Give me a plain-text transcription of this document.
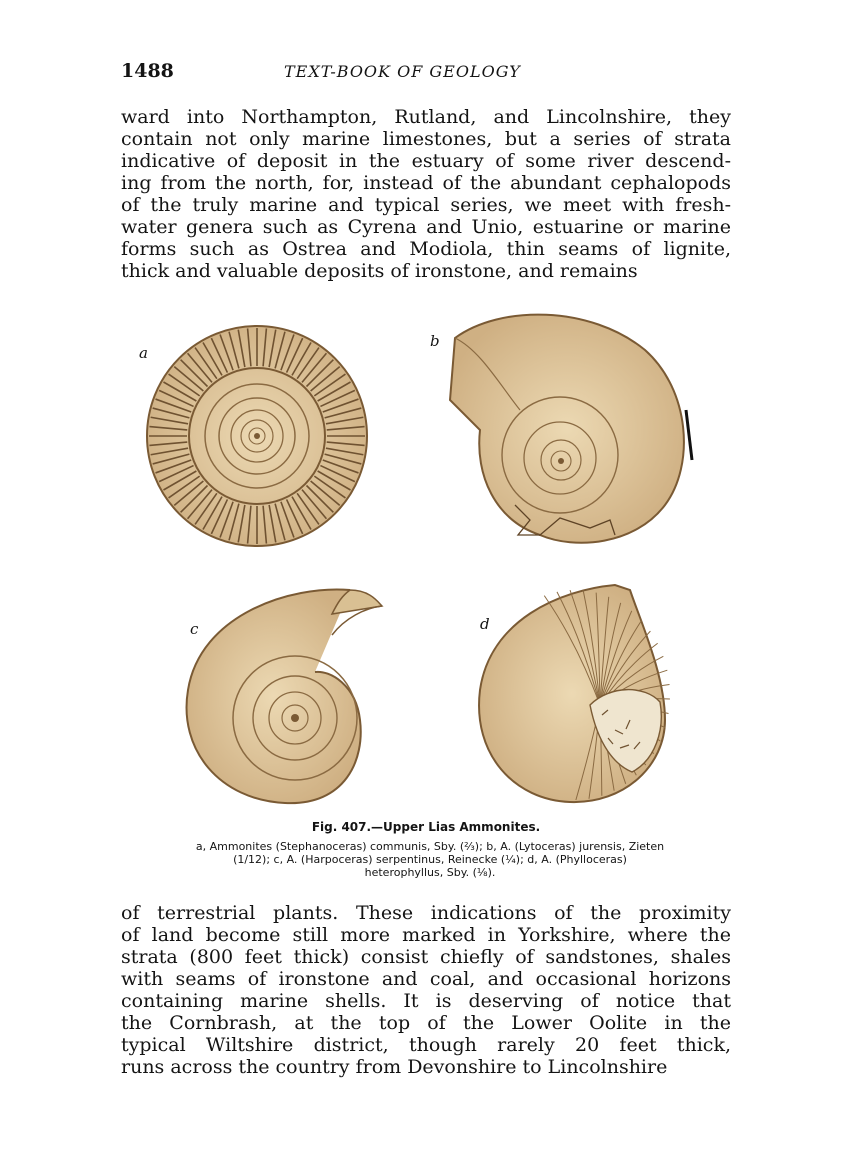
1488	TEXT-BOOK OF GEOLOGY
ward into Northampton, Rutland, and Lincolnshire, they
contain not only marine limestones, but a series of strata
indicative of deposit in the estuary of some river descend-
ing from the north, for, instead of the abundant cephalopods
of the truly marine and typical series, we meet with fresh-
water genera such as Cyrena and Unio, estuarine or marine
forms such as Ostrea and Modiola, thin seams of lignite,
thick and valuable deposits of ironstone, and remains
a
b
c	d
Fig. 407.—Upper Lias Ammonites.
a, Ammonites (Stephanoceras) communis, Sby. (⅔); b, A. (Lytoceras) jurensis, Zieten
(1/12); c, A. (Harpoceras) serpentinus, Reinecke (¼); d, A. (Phylloceras)
heterophyllus, Sby. (⅛).
of terrestrial plants. These indications of the proximity
of land become still more marked in Yorkshire, where the
strata (800 feet thick) consist chiefly of sandstones, shales
with seams of ironstone and coal, and occasional horizons
containing marine shells. It is deserving of notice that
the Cornbrash, at the top of the Lower Oolite in the
typical Wiltshire district, though rarely 20 feet thick,
runs across the country from Devonshire to Lincolnshire
